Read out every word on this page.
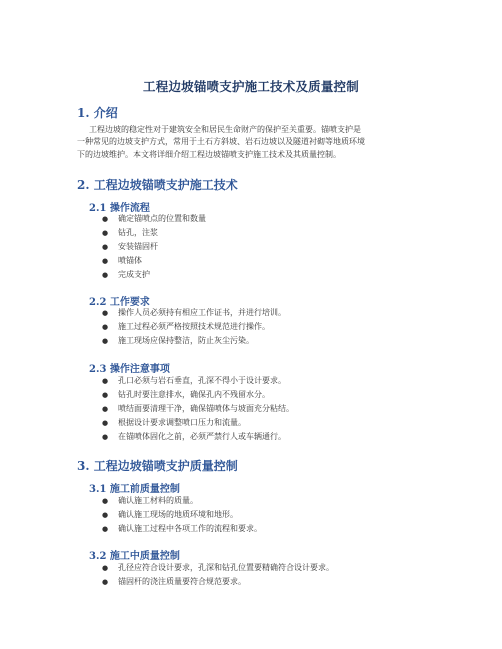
工程边坡锚喷支护施工技术及质量控制
1. 介绍
工程边坡的稳定性对于建筑安全和居民生命财产的保护至关重要。锚喷支护是
一种常见的边坡支护方式，常用于土石方斜坡、岩石边坡以及隧道衬砌等地质环境
下的边坡维护。本文将详细介绍工程边坡锚喷支护施工技术及其质量控制。
2. 工程边坡锚喷支护施工技术
2.1 操作流程
● 确定锚喷点的位置和数量
● 钻孔，注浆
● 安装锚固杆
● 喷锚体
● 完成支护
2.2 工作要求
● 操作人员必须持有相应工作证书，并进行培训。
● 施工过程必须严格按照技术规范进行操作。
● 施工现场应保持整洁，防止灰尘污染。
2.3 操作注意事项
● 孔口必须与岩石垂直，孔深不得小于设计要求。
● 钻孔时要注意排水，确保孔内不残留水分。
● 喷结面要清理干净，确保锚喷体与坡面充分粘结。
● 根据设计要求调整喷口压力和流量。
● 在锚喷体固化之前，必须严禁行人或车辆通行。
3. 工程边坡锚喷支护质量控制
3.1 施工前质量控制
● 确认施工材料的质量。
● 确认施工现场的地质环境和地形。
● 确认施工过程中各项工作的流程和要求。
3.2 施工中质量控制
● 孔径应符合设计要求，孔深和钻孔位置要精确符合设计要求。
● 锚固杆的浇注质量要符合规范要求。
